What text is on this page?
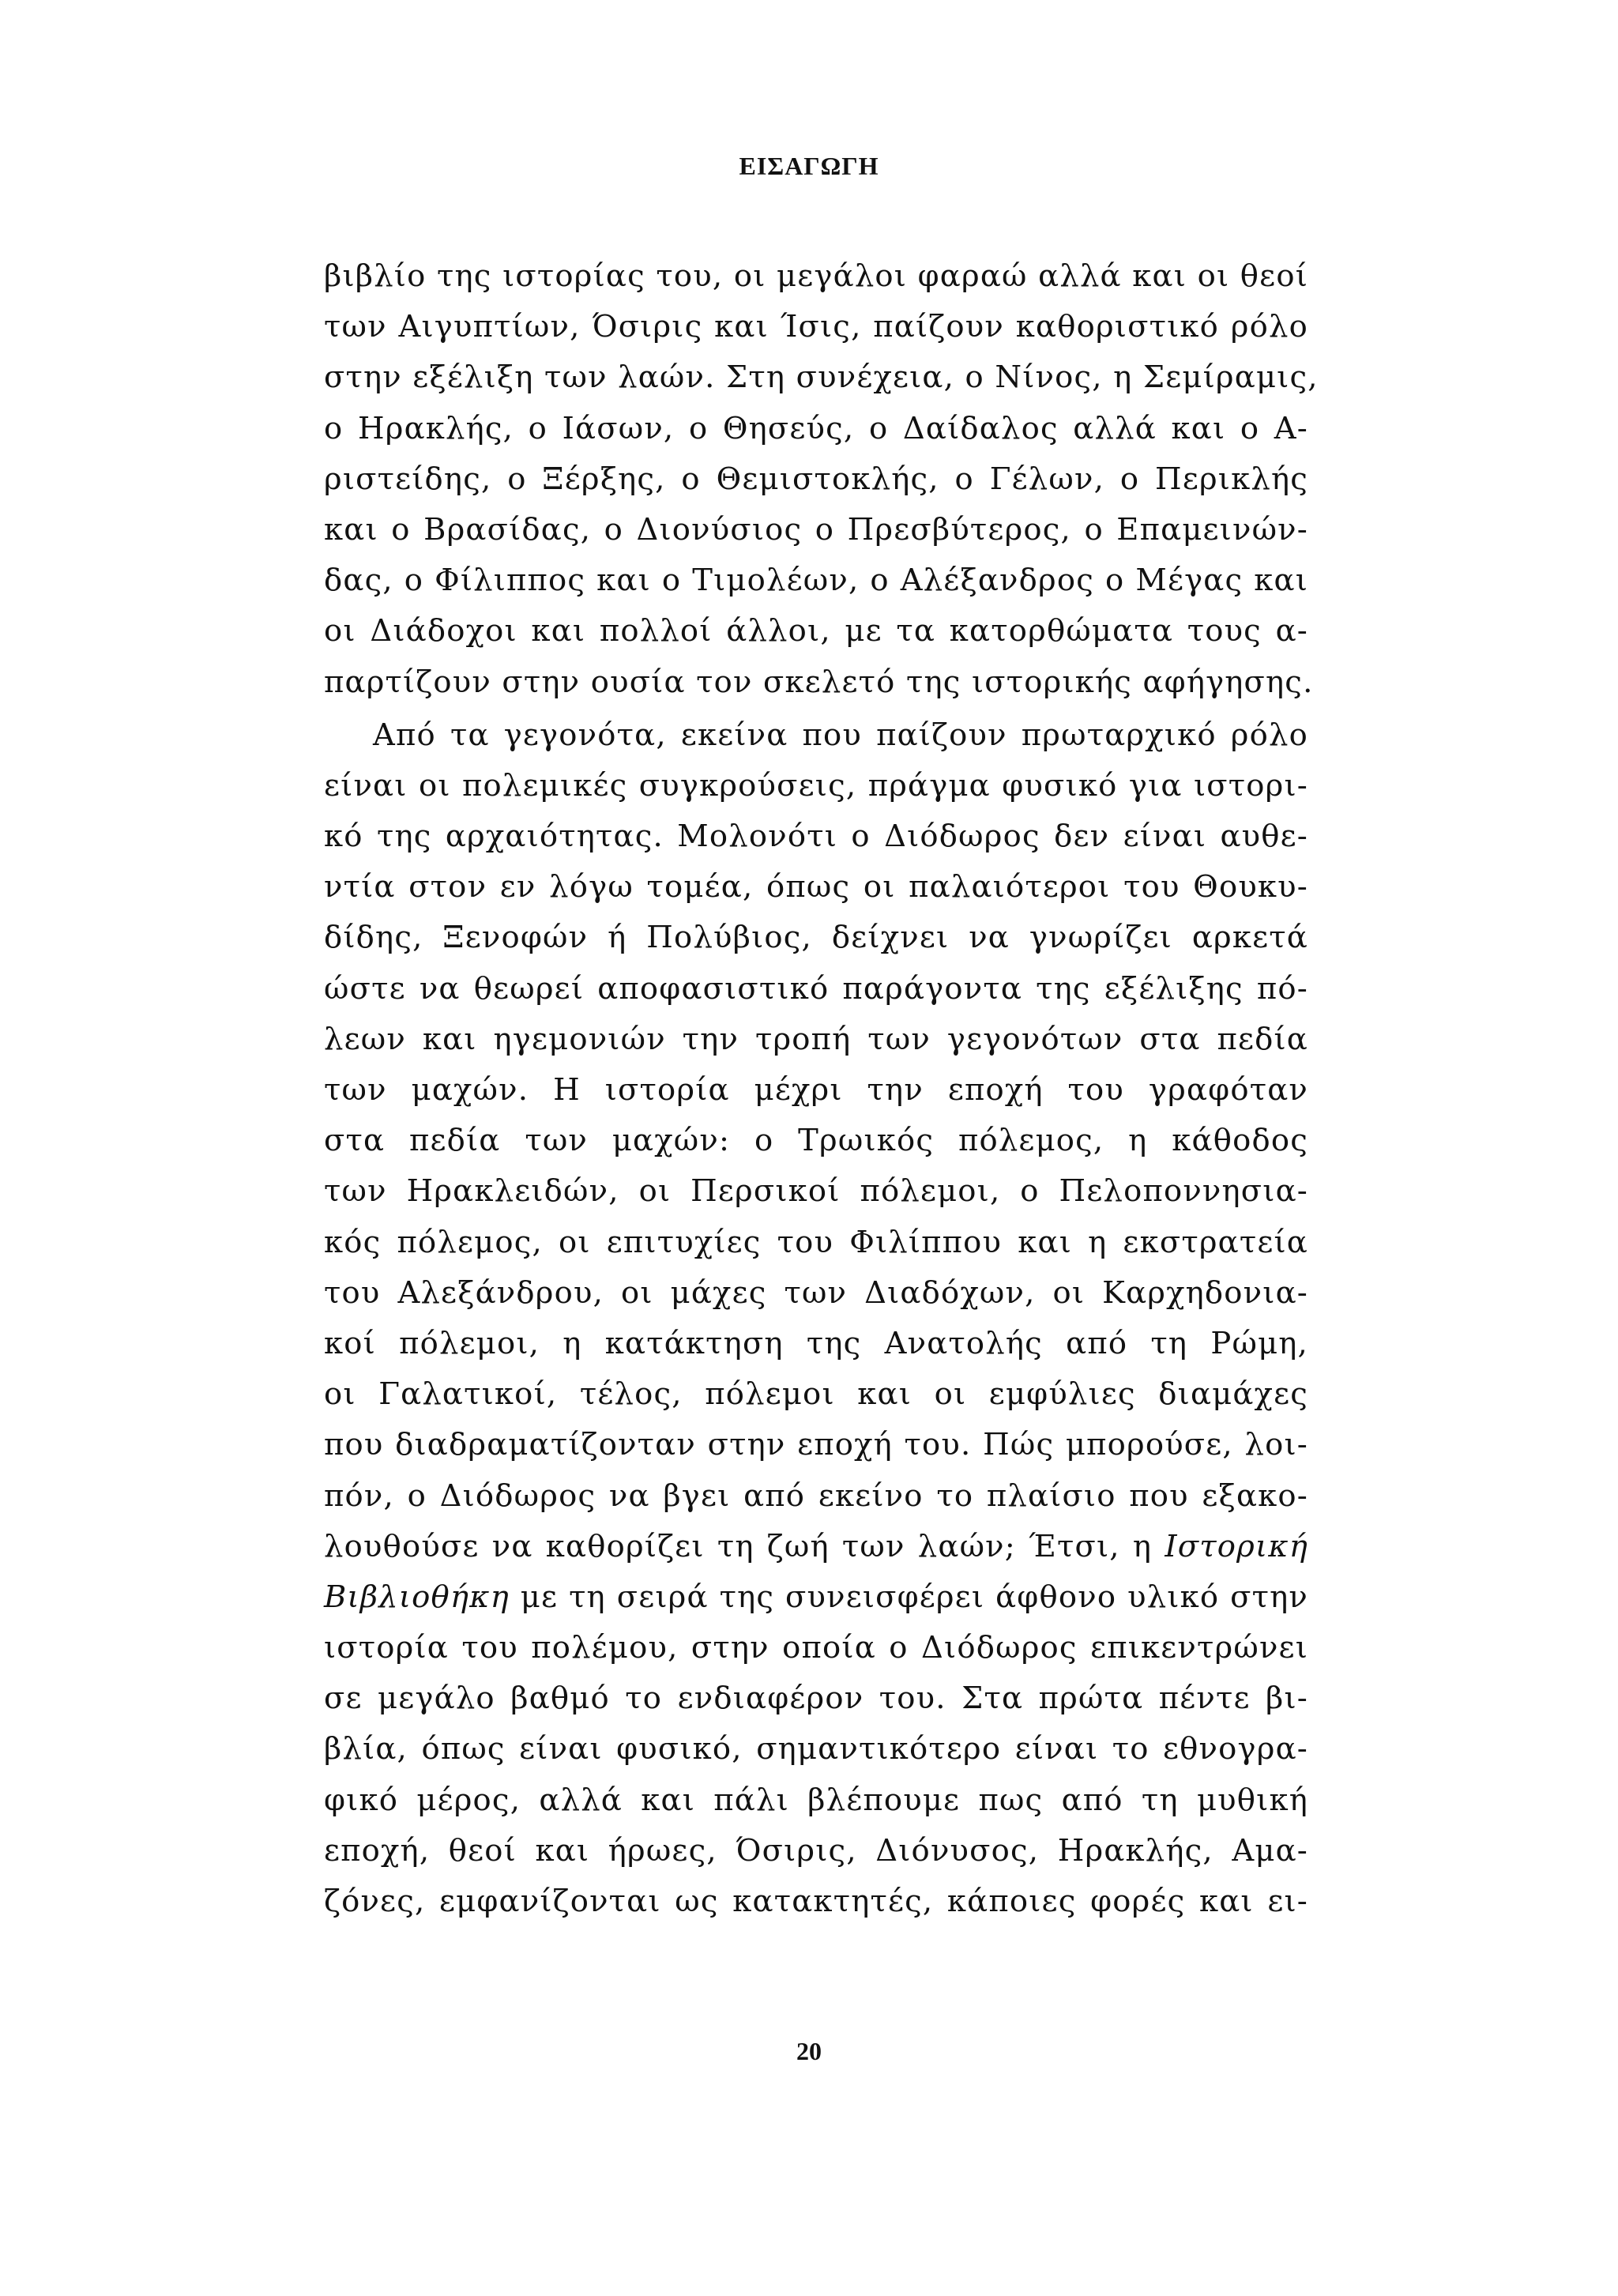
ΕΙΣΑΓΩΓΗ
βιβλίο της ιστορίας του, οι μεγάλοι φαραώ αλλά και οι θεοί
των Αιγυπτίων, Όσιρις και Ίσις, παίζουν καθοριστικό ρόλο
στην εξέλιξη των λαών. Στη συνέχεια, ο Νίνος, η Σεμίραμις,
ο Ηρακλής, ο Ιάσων, ο Θησεύς, ο Δαίδαλος αλλά και ο Α-
ριστείδης, ο Ξέρξης, ο Θεμιστοκλής, ο Γέλων, ο Περικλής
και ο Βρασίδας, ο Διονύσιος ο Πρεσβύτερος, ο Επαμεινών-
δας, ο Φίλιππος και ο Τιμολέων, ο Αλέξανδρος ο Μέγας και
οι Διάδοχοι και πολλοί άλλοι, με τα κατορθώματα τους α-
παρτίζουν στην ουσία τον σκελετό της ιστορικής αφήγησης.
Από τα γεγονότα, εκείνα που παίζουν πρωταρχικό ρόλο
είναι οι πολεμικές συγκρούσεις, πράγμα φυσικό για ιστορι-
κό της αρχαιότητας. Μολονότι ο Διόδωρος δεν είναι αυθε-
ντία στον εν λόγω τομέα, όπως οι παλαιότεροι του Θουκυ-
δίδης, Ξενοφών ή Πολύβιος, δείχνει να γνωρίζει αρκετά
ώστε να θεωρεί αποφασιστικό παράγοντα της εξέλιξης πό-
λεων και ηγεμονιών την τροπή των γεγονότων στα πεδία
των μαχών. Η ιστορία μέχρι την εποχή του γραφόταν
στα πεδία των μαχών: ο Τρωικός πόλεμος, η κάθοδος
των Ηρακλειδών, οι Περσικοί πόλεμοι, ο Πελοποννησια-
κός πόλεμος, οι επιτυχίες του Φιλίππου και η εκστρατεία
του Αλεξάνδρου, οι μάχες των Διαδόχων, οι Καρχηδονια-
κοί πόλεμοι, η κατάκτηση της Ανατολής από τη Ρώμη,
οι Γαλατικοί, τέλος, πόλεμοι και οι εμφύλιες διαμάχες
που διαδραματίζονταν στην εποχή του. Πώς μπορούσε, λοι-
πόν, ο Διόδωρος να βγει από εκείνο το πλαίσιο που εξακο-
λουθούσε να καθορίζει τη ζωή των λαών; Έτσι, η Ιστορική
Βιβλιοθήκη με τη σειρά της συνεισφέρει άφθονο υλικό στην
ιστορία του πολέμου, στην οποία ο Διόδωρος επικεντρώνει
σε μεγάλο βαθμό το ενδιαφέρον του. Στα πρώτα πέντε βι-
βλία, όπως είναι φυσικό, σημαντικότερο είναι το εθνογρα-
φικό μέρος, αλλά και πάλι βλέπουμε πως από τη μυθική
εποχή, θεοί και ήρωες, Όσιρις, Διόνυσος, Ηρακλής, Αμα-
ζόνες, εμφανίζονται ως κατακτητές, κάποιες φορές και ει-
20
